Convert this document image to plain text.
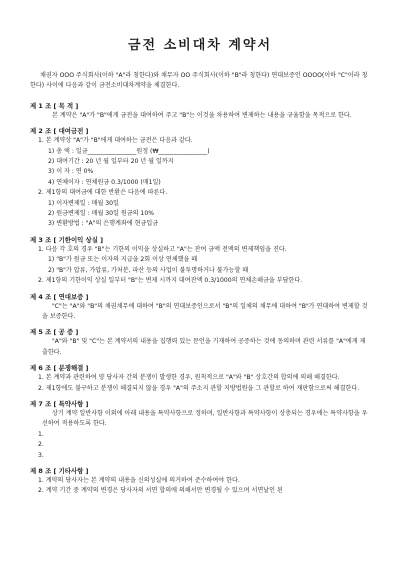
금전 소비대차 계약서
채권자 OOO 주식회사(이하 "A"라 칭한다)와 채무자 OO 주식회사(이하 "B"라 칭한다) 연대보증인 OOOO(이하 "C"이라 칭한다) 사이에 다음과 같이 금전소비대차계약을 체결한다.
제 1 조 [ 목 적 ]
본 계약은 "A"가 "B"에게 금전을 대여하여 주고 "B"는 이것을 차용하여 변제하는 내용을 규율함을 목적으로 한다.
제 2 조 [ 대여금전 ]
1. 본 계약상 "A"가 "B"에게 대여하는 금전은 다음과 같다.
1) 총 액 : 일금________________원정 (₩________________)
2) 대여기간 : 20 년 월 일부터 20 년 월 일까지
3) 이 자 : 연 0%
4) 연체이자 : 연체원금 0.3/1000 (매1일)
2. 제1항의 대여금에 대한 반환은 다음에 따른다.
1) 이자변제일 : 매월 30일
2) 원금변제일 : 매월 30일 원금의 10%
3) 변환방법 : "A"의 은행계좌에 현금입금
제 3 조 [ 기한이익 상실 ]
1. 다음 각 호의 경우 "B"는 기한의 이익을 상실하고 "A"는 잔여 금액 전액의 변제책임을 진다.
1) "B"가 원금 또는 이자의 지급을 2회 이상 연체했을 때
2) "B"가 압류, 가압류, 가처분, 파산 등의 사업이 불투명하거나 불가능할 때
2. 제1항의 기한이익 상실 일부터 "B"는 변제 시까지 대여잔액 0.3/1000의 연체손해금을 부담한다.
제 4 조 [ 연대보증 ]
"C"는 "A"와 "B"의 채권채무에 대하여 "B"의 연대보증인으로서 "B"의 일체의 채무에 대하여 "B"가 연대하여 변제할 것을 보증한다.
제 5 조 [ 공 증 ]
"A"와 "B" 및 "C"는 본 계약서의 내용을 집행력 있는 문언을 기재하여 공증하는 것에 동의하며 관련 서류를 "A"에게 제출한다.
제 6 조 [ 분쟁해결 ]
1. 본 계약과 관련하여 양 당사자 간의 분쟁이 발생한 경우, 원칙적으로 "A"와 "B" 상호간의 합의에 의해 해결한다.
2. 제1항에도 불구하고 분쟁이 해결되지 않을 경우 "A"의 주소지 관할 지방법원을 그 관할로 하여 재판함으로써 해결한다.
제 7 조 [ 특약사항 ]
상기 계약 일반사항 이외에 아래 내용을 특약사항으로 정하며, 일반사항과 특약사항이 상충되는 경우에는 특약사항을 우선하여 적용하도록 한다.
1.
2.
3.
제 8 조 [ 기타사항 ]
1. 계약의 당사자는 본 계약의 내용을 신의성실에 의거하여 준수하여야 한다.
2. 계약 기간 중 계약의 변경은 당사자의 서면 합의에 의해서만 변경될 수 있으며 서면날인 된
